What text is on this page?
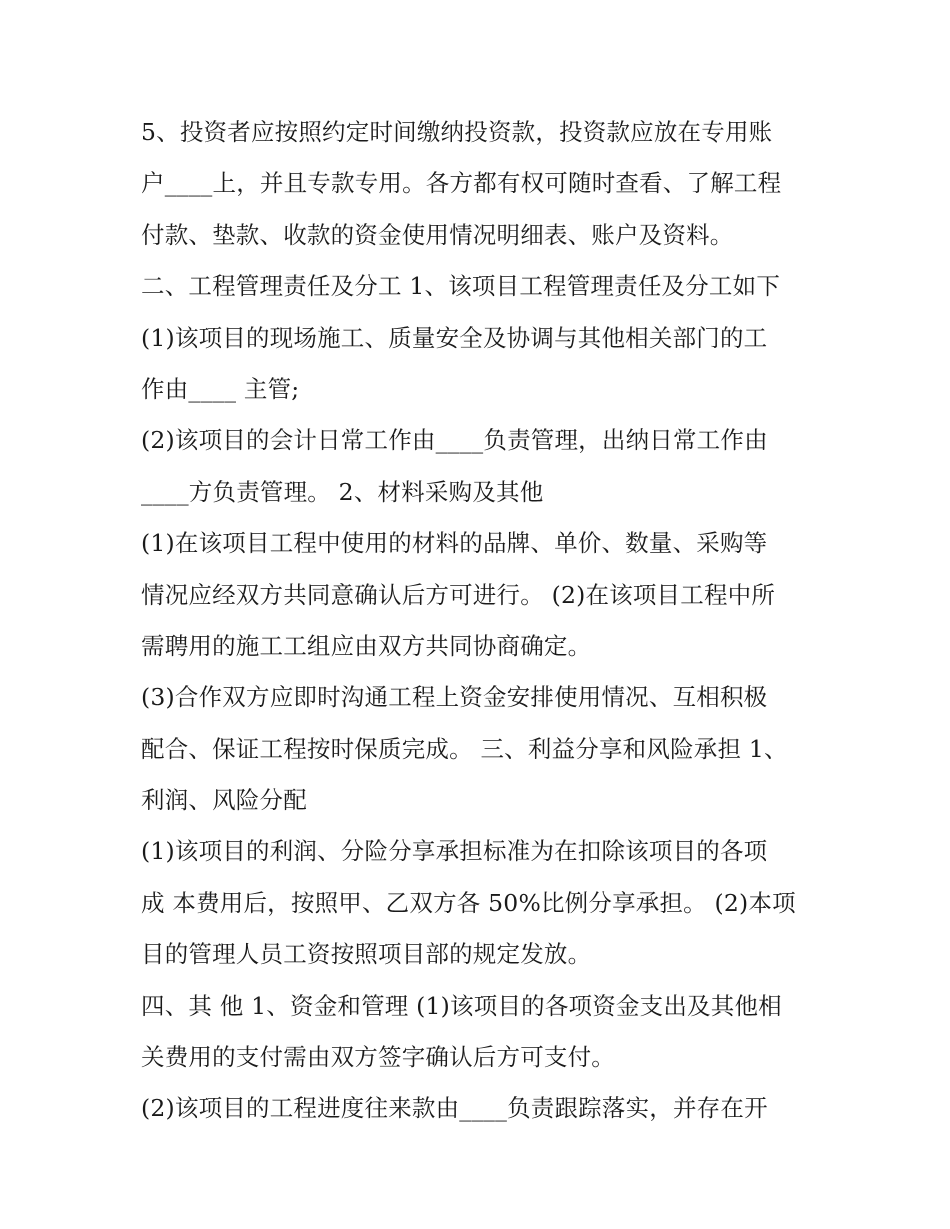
5、投资者应按照约定时间缴纳投资款，投资款应放在专用账
户____上，并且专款专用。各方都有权可随时查看、了解工程
付款、垫款、收款的资金使用情况明细表、账户及资料。
二、工程管理责任及分工 1、该项目工程管理责任及分工如下
(1)该项目的现场施工、质量安全及协调与其他相关部门的工
作由____ 主管;
(2)该项目的会计日常工作由____负责管理，出纳日常工作由
____方负责管理。 2、材料采购及其他
(1)在该项目工程中使用的材料的品牌、单价、数量、采购等
情况应经双方共同意确认后方可进行。 (2)在该项目工程中所
需聘用的施工工组应由双方共同协商确定。
(3)合作双方应即时沟通工程上资金安排使用情况、互相积极
配合、保证工程按时保质完成。 三、利益分享和风险承担 1、
利润、风险分配
(1)该项目的利润、分险分享承担标准为在扣除该项目的各项
成 本费用后，按照甲、乙双方各 50%比例分享承担。 (2)本项
目的管理人员工资按照项目部的规定发放。
四、其 他 1、资金和管理 (1)该项目的各项资金支出及其他相
关费用的支付需由双方签字确认后方可支付。
(2)该项目的工程进度往来款由____负责跟踪落实，并存在开
